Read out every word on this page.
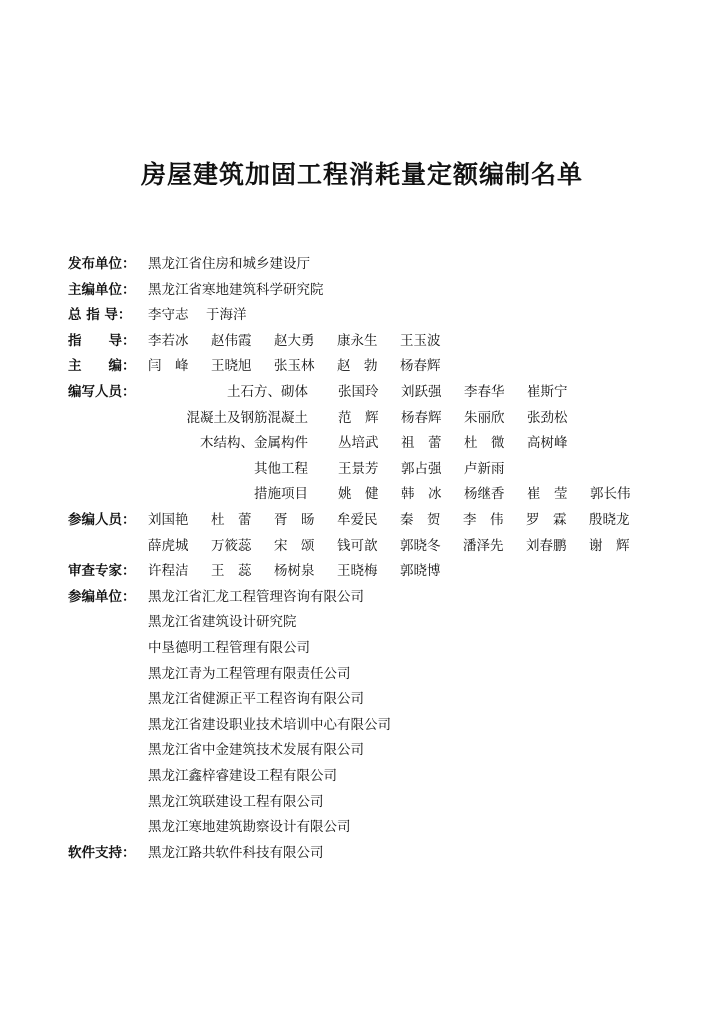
房屋建筑加固工程消耗量定额编制名单
发布单位： 黑龙江省住房和城乡建设厅
主编单位： 黑龙江省寒地建筑科学研究院
总 指 导： 李守志 于海洋
指　　导： 李若冰 赵伟霞 赵大勇 康永生 王玉波
主　　编： 闫　峰 王晓旭 张玉林 赵　勃 杨春辉
编写人员：	土石方、砌体 张国玲 刘跃强 李春华 崔斯宁
混凝土及钢筋混凝土 范　辉 杨春辉 朱丽欣 张劲松
木结构、金属构件 丛培武 祖　蕾 杜　微 高树峰
其他工程 王景芳 郭占强 卢新雨
措施项目 姚　健 韩　冰 杨继香 崔　莹 郭长伟
参编人员： 刘国艳 杜　蕾 胥　旸 牟爱民 秦　贺 李　伟 罗　霖 殷晓龙
薛虎城 万筱蕊 宋　颂 钱可歆 郭晓冬 潘泽先 刘春鹏 谢　辉
审查专家： 许程洁 王　蕊 杨树泉 王晓梅 郭晓博
参编单位： 黑龙江省汇龙工程管理咨询有限公司
黑龙江省建筑设计研究院
中垦德明工程管理有限公司
黑龙江青为工程管理有限责任公司
黑龙江省健源正平工程咨询有限公司
黑龙江省建设职业技术培训中心有限公司
黑龙江省中金建筑技术发展有限公司
黑龙江鑫梓睿建设工程有限公司
黑龙江筑联建设工程有限公司
黑龙江寒地建筑勘察设计有限公司
软件支持： 黑龙江路共软件科技有限公司
